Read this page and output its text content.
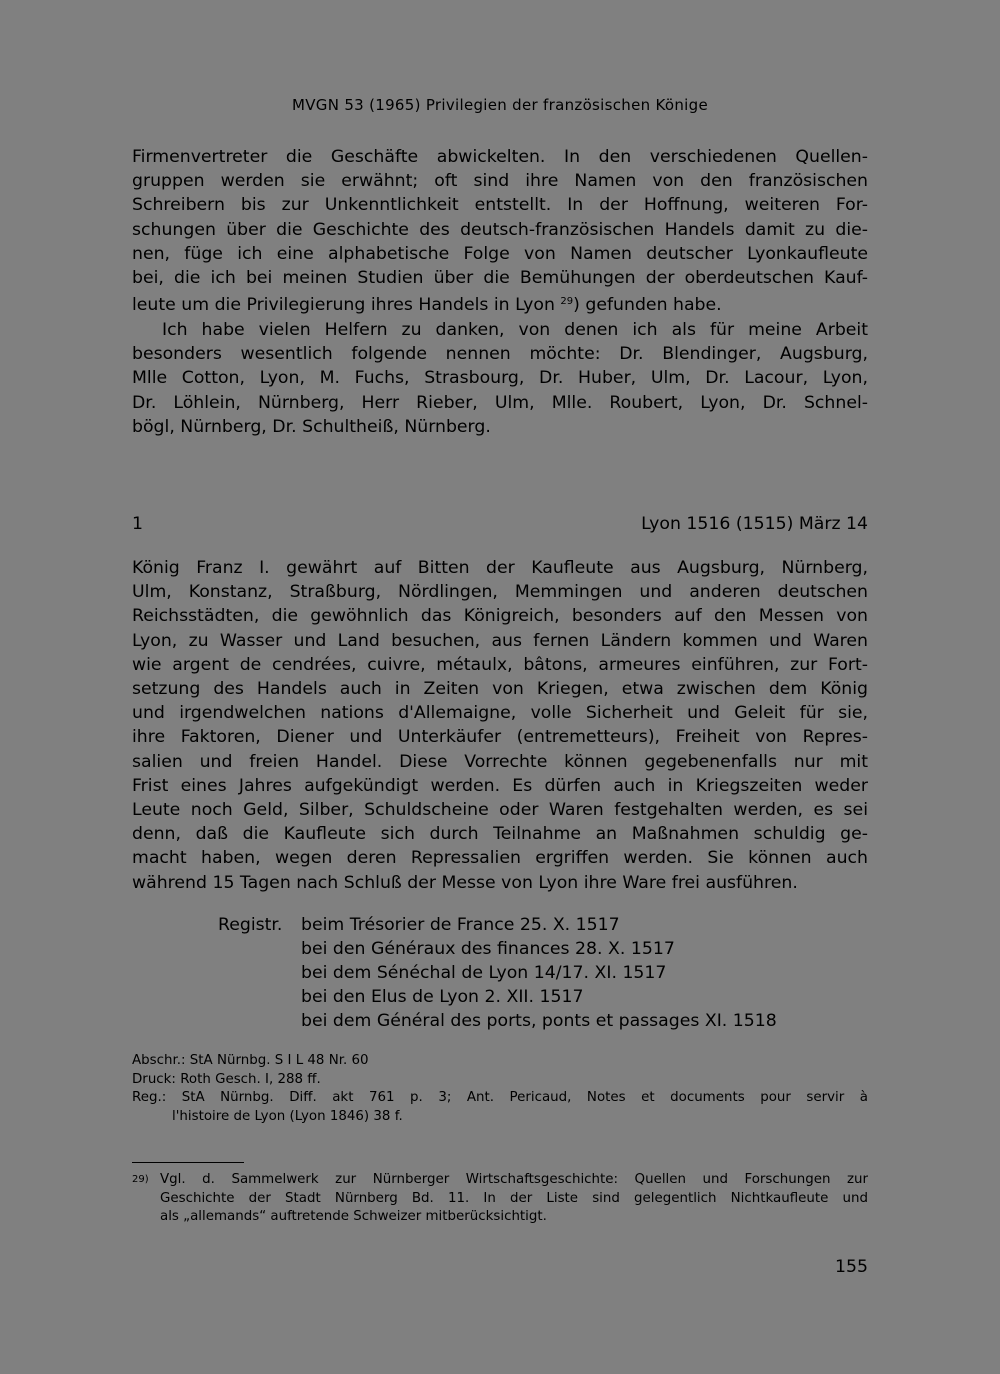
MVGN 53 (1965) Privilegien der französischen Könige
Firmenvertreter die Geschäfte abwickelten. In den verschiedenen Quellen-
gruppen werden sie erwähnt; oft sind ihre Namen von den französischen
Schreibern bis zur Unkenntlichkeit entstellt. In der Hoffnung, weiteren For-
schungen über die Geschichte des deutsch-französischen Handels damit zu die-
nen, füge ich eine alphabetische Folge von Namen deutscher Lyonkaufleute
bei, die ich bei meinen Studien über die Bemühungen der oberdeutschen Kauf-
leute um die Privilegierung ihres Handels in Lyon $^{29}$) gefunden habe.
Ich habe vielen Helfern zu danken, von denen ich als für meine Arbeit
besonders wesentlich folgende nennen möchte: Dr. Blendinger, Augsburg,
Mlle Cotton, Lyon, M. Fuchs, Strasbourg, Dr. Huber, Ulm, Dr. Lacour, Lyon,
Dr. Löhlein, Nürnberg, Herr Rieber, Ulm, Mlle. Roubert, Lyon, Dr. Schnel-
bögl, Nürnberg, Dr. Schultheiß, Nürnberg.
1	Lyon 1516 (1515) März 14
König Franz I. gewährt auf Bitten der Kaufleute aus Augsburg, Nürnberg,
Ulm, Konstanz, Straßburg, Nördlingen, Memmingen und anderen deutschen
Reichsstädten, die gewöhnlich das Königreich, besonders auf den Messen von
Lyon, zu Wasser und Land besuchen, aus fernen Ländern kommen und Waren
wie argent de cendrées, cuivre, métaulx, bâtons, armeures einführen, zur Fort-
setzung des Handels auch in Zeiten von Kriegen, etwa zwischen dem König
und irgendwelchen nations d'Allemaigne, volle Sicherheit und Geleit für sie,
ihre Faktoren, Diener und Unterkäufer (entremetteurs), Freiheit von Repres-
salien und freien Handel. Diese Vorrechte können gegebenenfalls nur mit
Frist eines Jahres aufgekündigt werden. Es dürfen auch in Kriegszeiten weder
Leute noch Geld, Silber, Schuldscheine oder Waren festgehalten werden, es sei
denn, daß die Kaufleute sich durch Teilnahme an Maßnahmen schuldig ge-
macht haben, wegen deren Repressalien ergriffen werden. Sie können auch
während 15 Tagen nach Schluß der Messe von Lyon ihre Ware frei ausführen.
Registr. beim Trésorier de France 25. X. 1517
bei den Généraux des finances 28. X. 1517
bei dem Sénéchal de Lyon 14/17. XI. 1517
bei den Elus de Lyon 2. XII. 1517
bei dem Général des ports, ponts et passages XI. 1518
Abschr.: StA Nürnbg. S I L 48 Nr. 60
Druck: Roth Gesch. I, 288 ff.
Reg.: StA Nürnbg. Diff. akt 761 p. 3; Ant. Pericaud, Notes et documents pour servir à
l'histoire de Lyon (Lyon 1846) 38 f.
29) Vgl. d. Sammelwerk zur Nürnberger Wirtschaftsgeschichte: Quellen und Forschungen zur
Geschichte der Stadt Nürnberg Bd. 11. In der Liste sind gelegentlich Nichtkaufleute und
als „allemands“ auftretende Schweizer mitberücksichtigt.
155
